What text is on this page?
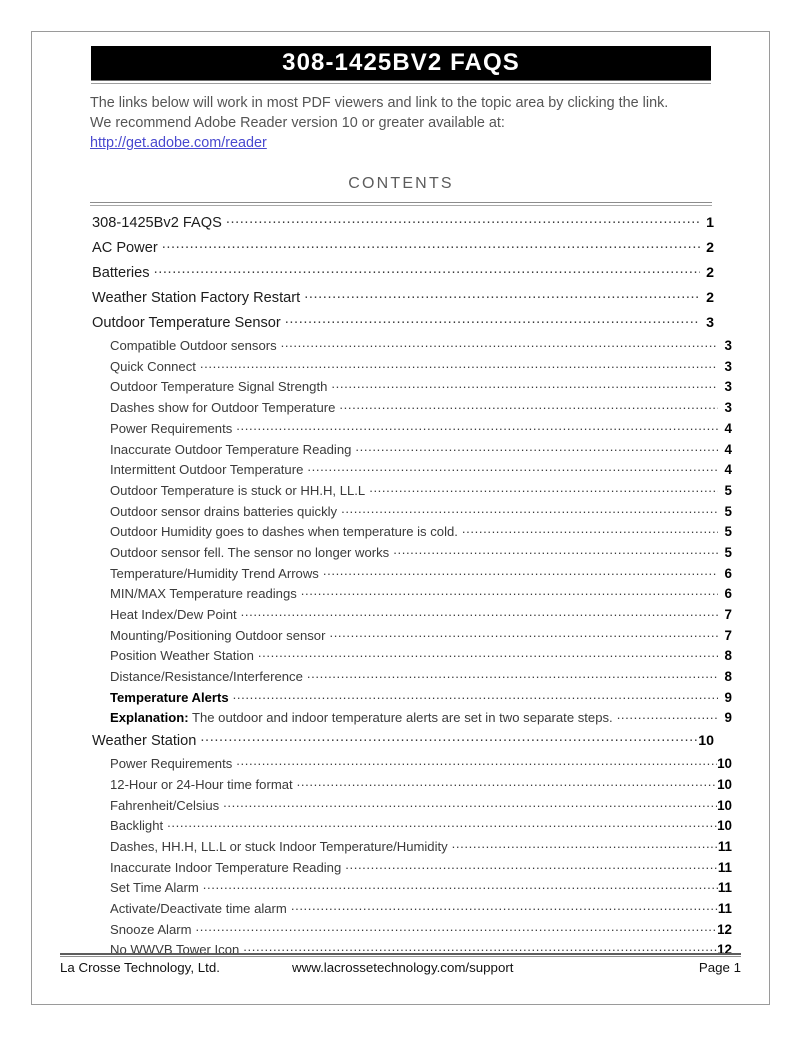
308-1425BV2 FAQS
The links below will work in most PDF viewers and link to the topic area by clicking the link. We recommend Adobe Reader version 10 or greater available at:
http://get.adobe.com/reader
CONTENTS
308-1425Bv2 FAQS .....	1
AC Power .....	2
Batteries .....	2
Weather Station Factory Restart .....	2
Outdoor Temperature Sensor .....	3
Compatible Outdoor sensors .....	3
Quick Connect .....	3
Outdoor Temperature Signal Strength .....	3
Dashes show for Outdoor Temperature .....	3
Power Requirements .....	4
Inaccurate Outdoor Temperature Reading .....	4
Intermittent Outdoor Temperature .....	4
Outdoor Temperature is stuck or HH.H, LL.L .....	5
Outdoor sensor drains batteries quickly .....	5
Outdoor Humidity goes to dashes when temperature is cold. .....	5
Outdoor sensor fell. The sensor no longer works .....	5
Temperature/Humidity Trend Arrows .....	6
MIN/MAX Temperature readings .....	6
Heat Index/Dew Point .....	7
Mounting/Positioning Outdoor sensor .....	7
Position Weather Station .....	8
Distance/Resistance/Interference .....	8
Temperature Alerts .....	9
Explanation: The outdoor and indoor temperature alerts are set in two separate steps. .....	9
Weather Station .....	10
Power Requirements .....	10
12-Hour or 24-Hour time format .....	10
Fahrenheit/Celsius .....	10
Backlight .....	10
Dashes, HH.H, LL.L or stuck Indoor Temperature/Humidity .....	11
Inaccurate Indoor Temperature Reading .....	11
Set Time Alarm .....	11
Activate/Deactivate time alarm .....	11
Snooze Alarm .....	12
No WWVB Tower Icon .....	12
La Crosse Technology, Ltd.	www.lacrossetechnology.com/support	Page 1
